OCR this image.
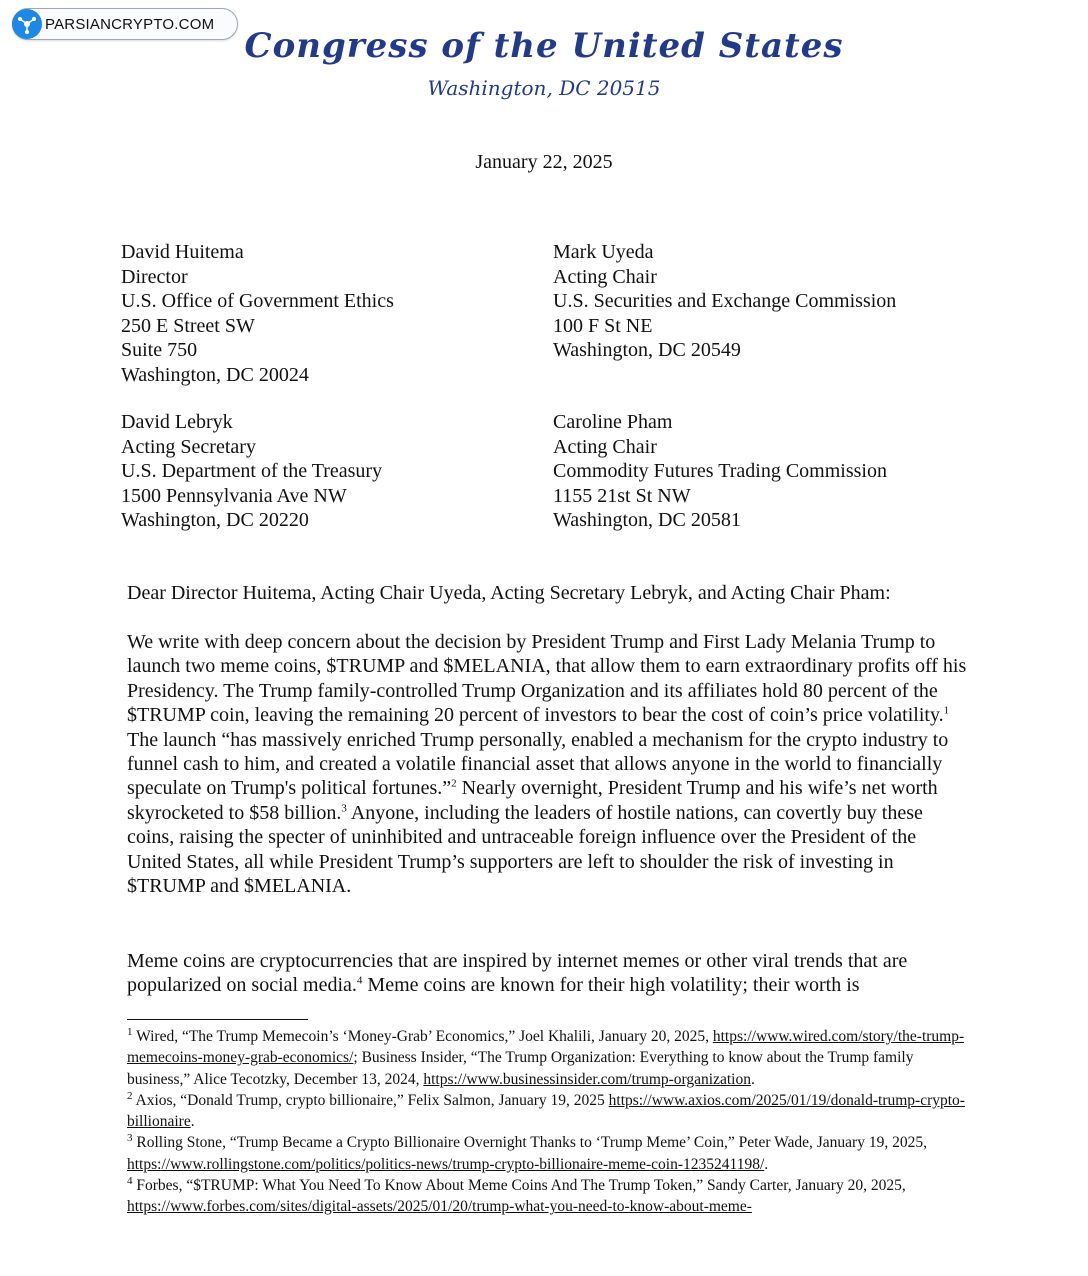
PARSIANCRYPTO.COM
Congress of the United States
Washington, DC 20515
January 22, 2025
David Huitema
Director
U.S. Office of Government Ethics
250 E Street SW
Suite 750
Washington, DC 20024
Mark Uyeda
Acting Chair
U.S. Securities and Exchange Commission
100 F St NE
Washington, DC 20549
David Lebryk
Acting Secretary
U.S. Department of the Treasury
1500 Pennsylvania Ave NW
Washington, DC 20220
Caroline Pham
Acting Chair
Commodity Futures Trading Commission
1155 21st St NW
Washington, DC 20581
Dear Director Huitema, Acting Chair Uyeda, Acting Secretary Lebryk, and Acting Chair Pham:

We write with deep concern about the decision by President Trump and First Lady Melania Trump to launch two meme coins, $TRUMP and $MELANIA, that allow them to earn extraordinary profits off his Presidency. The Trump family-controlled Trump Organization and its affiliates hold 80 percent of the $TRUMP coin, leaving the remaining 20 percent of investors to bear the cost of coin’s price volatility.$^1$ The launch “has massively enriched Trump personally, enabled a mechanism for the crypto industry to funnel cash to him, and created a volatile financial asset that allows anyone in the world to financially speculate on Trump's political fortunes.”$^2$ Nearly overnight, President Trump and his wife’s net worth skyrocketed to $58 billion.$^3$ Anyone, including the leaders of hostile nations, can covertly buy these coins, raising the specter of uninhibited and untraceable foreign influence over the President of the United States, all while President Trump’s supporters are left to shoulder the risk of investing in $TRUMP and $MELANIA.

Meme coins are cryptocurrencies that are inspired by internet memes or other viral trends that are popularized on social media.$^4$ Meme coins are known for their high volatility; their worth is

$^1$ Wired, “The Trump Memecoin’s ‘Money-Grab’ Economics,” Joel Khalili, January 20, 2025, https://www.wired.com/story/the-trump-memecoins-money-grab-economics/; Business Insider, “The Trump Organization: Everything to know about the Trump family business,” Alice Tecotzky, December 13, 2024, https://www.businessinsider.com/trump-organization.

$^2$ Axios, “Donald Trump, crypto billionaire,” Felix Salmon, January 19, 2025 https://www.axios.com/2025/01/19/donald-trump-crypto-billionaire.

$^3$ Rolling Stone, “Trump Became a Crypto Billionaire Overnight Thanks to ‘Trump Meme’ Coin,” Peter Wade, January 19, 2025, https://www.rollingstone.com/politics/politics-news/trump-crypto-billionaire-meme-coin-1235241198/.

$^4$ Forbes, “$TRUMP: What You Need To Know About Meme Coins And The Trump Token,” Sandy Carter, January 20, 2025, https://www.forbes.com/sites/digital-assets/2025/01/20/trump-what-you-need-to-know-about-meme-
